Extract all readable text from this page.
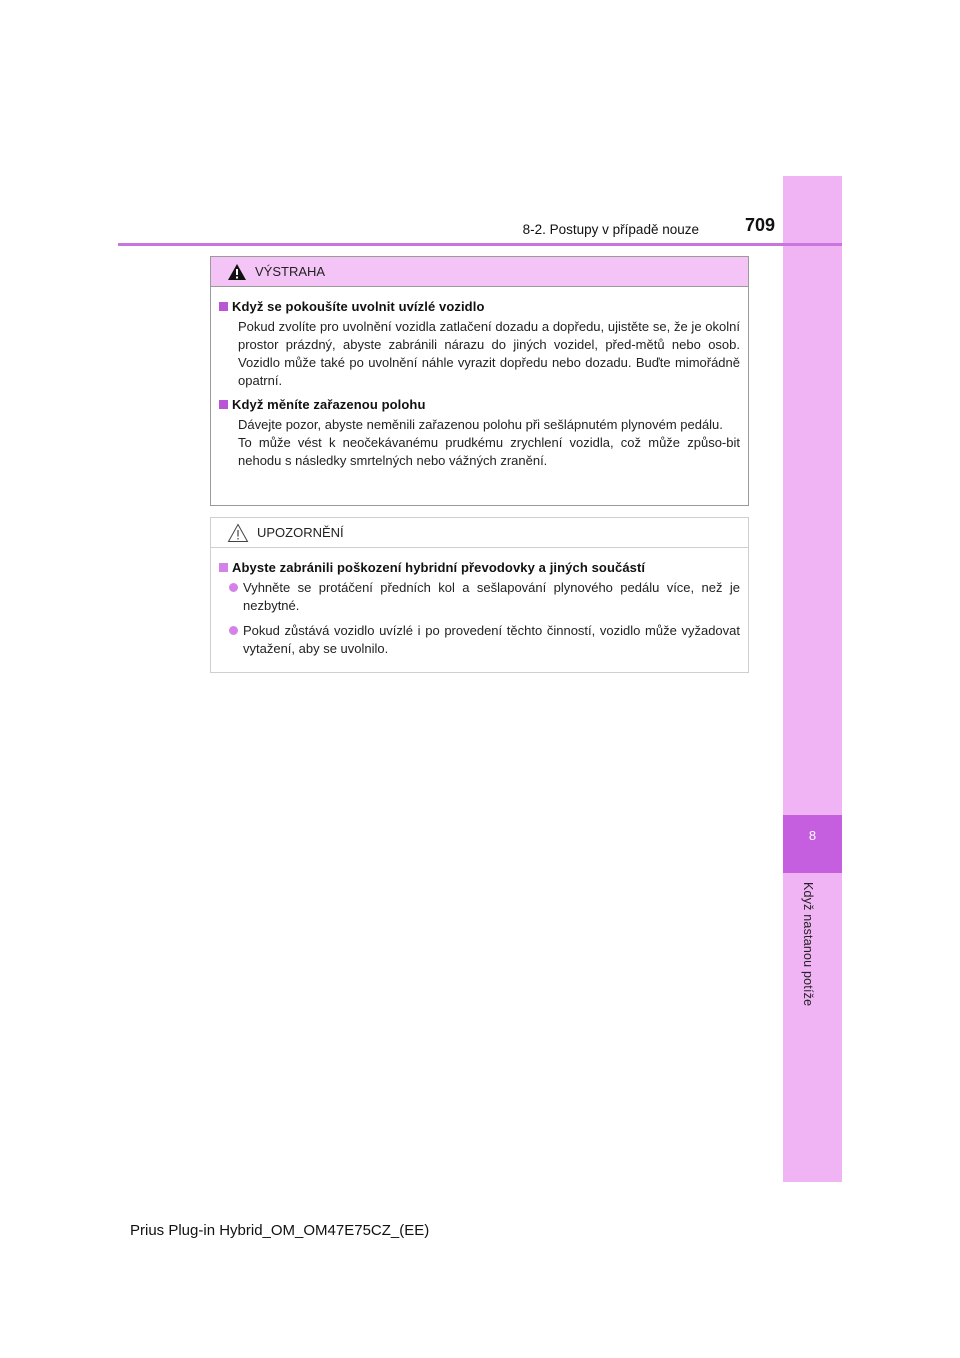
8
Když nastanou potíže
8-2. Postupy v případě nouze	709
VÝSTRAHA
Když se pokoušíte uvolnit uvízlé vozidlo

Pokud zvolíte pro uvolnění vozidla zatlačení dozadu a dopředu, ujistěte se, že je okolní prostor prázdný, abyste zabránili nárazu do jiných vozidel, před-mětů nebo osob. Vozidlo může také po uvolnění náhle vyrazit dopředu nebo dozadu. Buďte mimořádně opatrní.

Když měníte zařazenou polohu

Dávejte pozor, abyste neměnili zařazenou polohu při sešlápnutém plynovém pedálu.

To může vést k neočekávanému prudkému zrychlení vozidla, což může způso-bit nehodu s následky smrtelných nebo vážných zranění.

UPOZORNĚNÍ
Abyste zabránili poškození hybridní převodovky a jiných součástí
Vyhněte se protáčení předních kol a sešlapování plynového pedálu více, než je nezbytné.
Pokud zůstává vozidlo uvízlé i po provedení těchto činností, vozidlo může vyžadovat vytažení, aby se uvolnilo.
Prius Plug-in Hybrid_OM_OM47E75CZ_(EE)
